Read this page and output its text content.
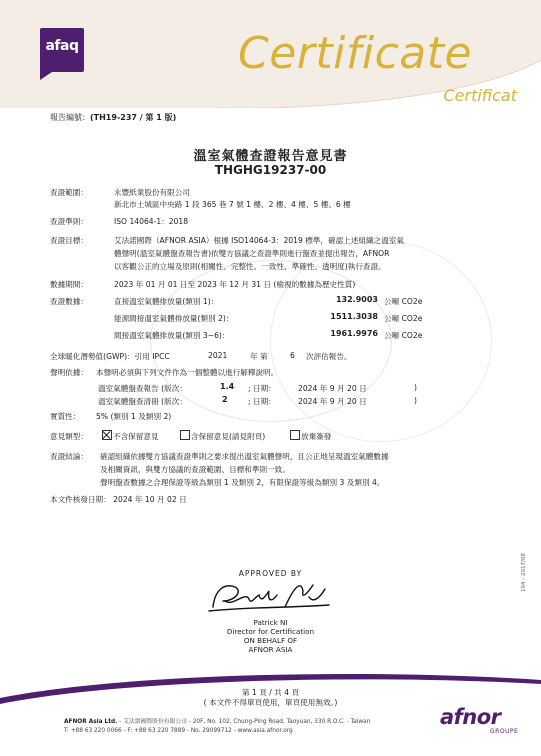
afaq	Certificate
Certificat
報告編號：(TH19-237 / 第 1 版)
溫室氣體查證報告意見書
THGHG19237-00
查證範圍：	永豐紙業股份有限公司
新北市土城區中央路 1 段 365 巷 7 號 1 樓、2 樓、4 樓、5 樓、6 樓
查證準則：	ISO 14064-1：2018
查證目標：	艾法諾國際（AFNOR ASIA）根據 ISO14064-3：2019 標準，確認上述組織之溫室氣
體聲明(溫室氣體盤查報告書)依雙方協議之查證準則進行盤查並提出報告，AFNOR
以客觀公正的立場及原則(相關性、完整性、一致性、準確性、透明度)執行查證。
數據期間：	2023 年 01 月 01 日至 2023 年 12 月 31 日 (檢視的數據為歷史性質)
查證數據：	直接溫室氣體排放量(類別 1)：	132.9003 公噸 CO2e
能源間接溫室氣體排放量(類別 2)：	1511.3038 公噸 CO2e
間接溫室氣體排放量(類別 3~6)：	1961.9976 公噸 CO2e
全球暖化潛勢值(GWP)：引用 IPCC	2021	年 第	6 次評估報告。
聲明依據： 本聲明必須與下列文件作為一個整體以進行解釋說明。
溫室氣體盤查報告 (版次：	1.4 ; 日期：	2024 年 9 月 20 日	)
溫室氣體盤查清冊 (版次：	2	; 日期：	2024 年 9 月 20 日	)
實質性： 5% (類別 1 及類別 2)
意見類型：	不含保留意見	含保留意見(請見附頁)	放棄簽發
查證結論： 確認組織依據雙方協議查證準則之要求提出溫室氣體聲明，且公正地呈現溫室氣體數據
及相關資訊，與雙方協議的查證範圍、目標和準則一致。
聲明盤查數據之合理保證等級為類別 1 及類別 2，有限保證等級為類別 3 及類別 4。
本文件核發日期： 2024 年 10 月 02 日
APPROVED BY
Patrick NI
Director for Certification
ON BEHALF OF
AFNOR ASIA
104 - 2017/08
第 1 頁 / 共 4 頁
( 本文件不得單頁使用，單頁使用無效。)
AFNOR Asia Ltd. - 艾法諾國際股份有限公司 - 20F, No. 102, Chung-Ping Road, Taoyuan, 330 R.O.C. - Taiwan
T: +88 63 220 0066 - F: +88 63 220 7889 - No. 29099712 - www.asia.afnor.org
afnor
GROUPE
